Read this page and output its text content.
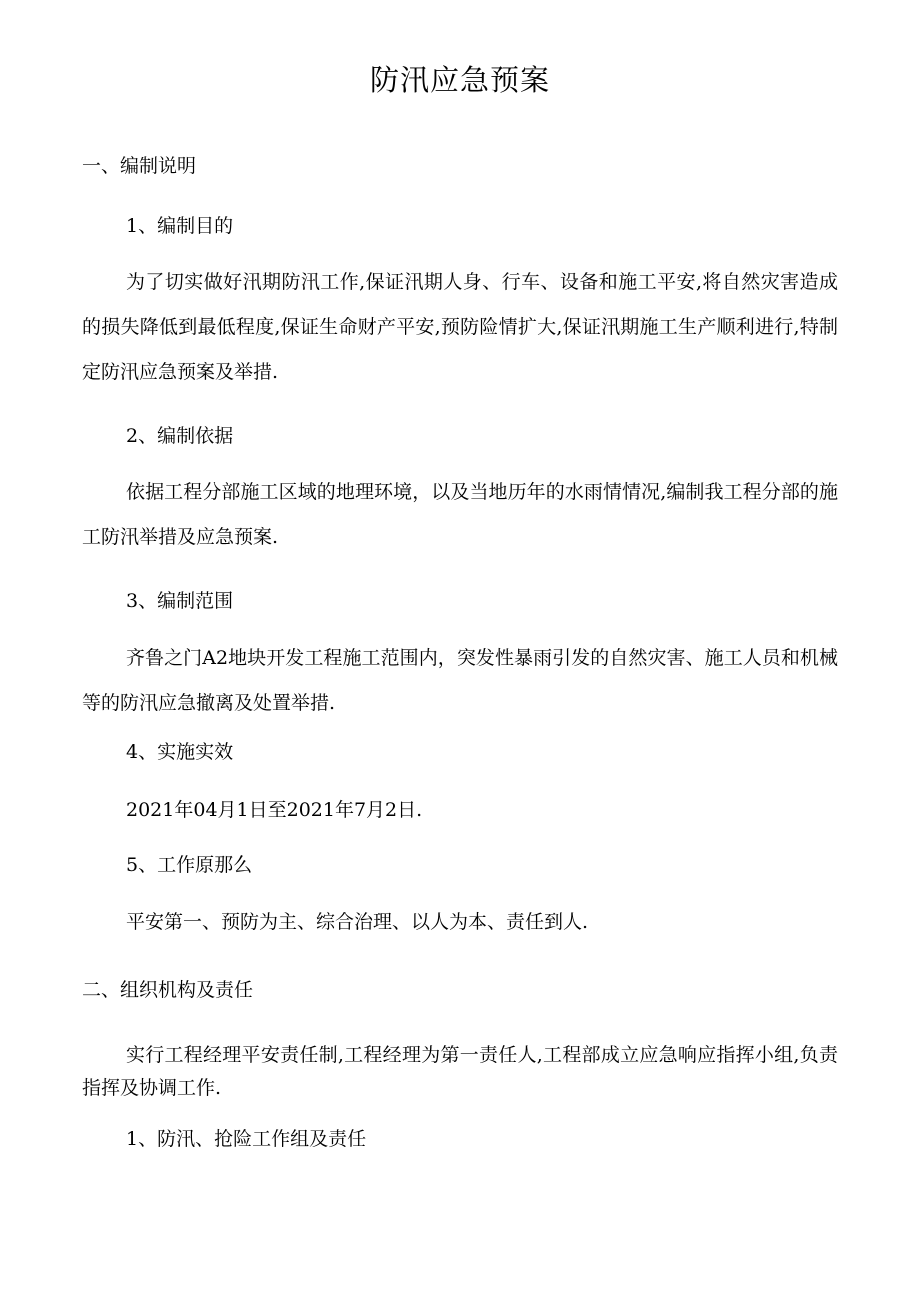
防汛应急预案
一、编制说明
1、编制目的

为了切实做好汛期防汛工作,保证汛期人身、行车、设备和施工平安,将自然灾害造成的损失降低到最低程度,保证生命财产平安,预防险情扩大,保证汛期施工生产顺利进行,特制定防汛应急预案及举措.

2、编制依据

依据工程分部施工区域的地理环境，以及当地历年的水雨情情况,编制我工程分部的施工防汛举措及应急预案.

3、编制范围

齐鲁之门A2地块开发工程施工范围内，突发性暴雨引发的自然灾害、施工人员和机械等的防汛应急撤离及处置举措.

4、实施实效
2021年04月1日至2021年7月2日.
5、工作原那么
平安第一、预防为主、综合治理、以人为本、责任到人.
二、组织机构及责任

实行工程经理平安责任制,工程经理为第一责任人,工程部成立应急响应指挥小组,负责指挥及协调工作.

1、防汛、抢险工作组及责任
